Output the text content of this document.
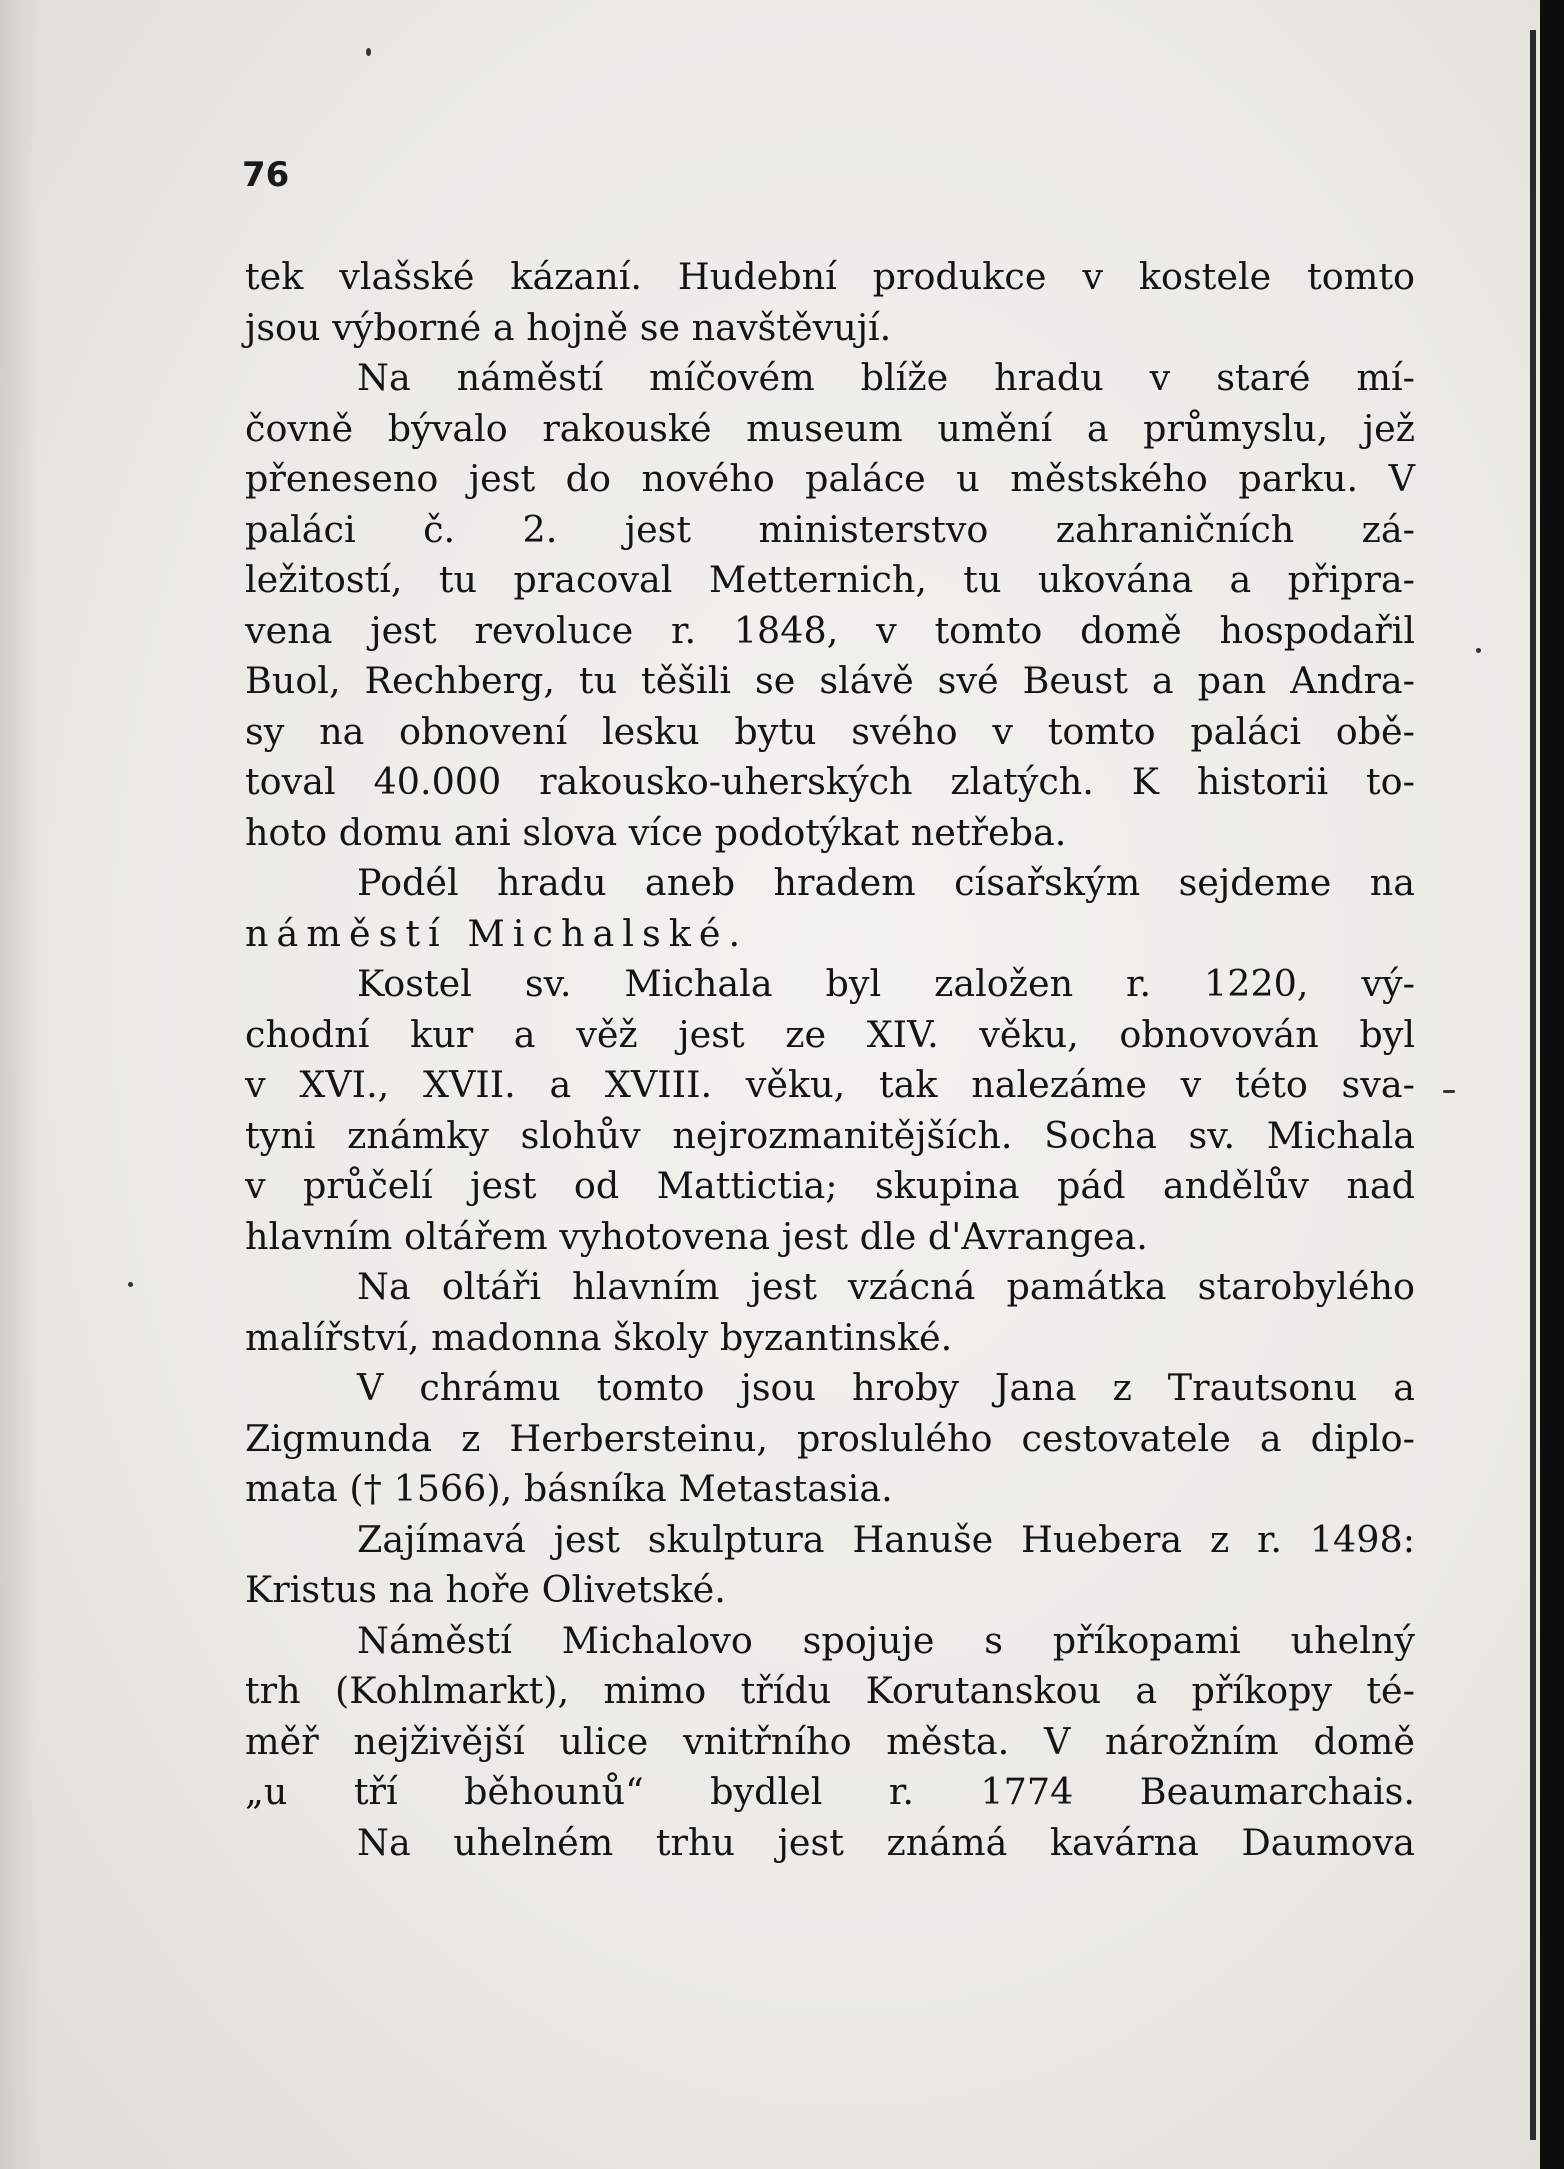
76
tek vlašské kázaní. Hudební produkce v kostele tomto
jsou výborné a hojně se navštěvují.
Na náměstí míčovém blíže hradu v staré mí-
čovně bývalo rakouské museum umění a průmyslu, jež
přeneseno jest do nového paláce u městského parku. V
paláci č. 2. jest ministerstvo zahraničních zá-
ležitostí, tu pracoval Metternich, tu ukována a připra-
vena jest revoluce r. 1848, v tomto domě hospodařil
Buol, Rechberg, tu těšili se slávě své Beust a pan Andra-
sy na obnovení lesku bytu svého v tomto paláci obě-
toval 40.000 rakousko-uherských zlatých. K historii to-
hoto domu ani slova více podotýkat netřeba.
Podél hradu aneb hradem císařským sejdeme na
náměstí Michalské.
Kostel sv. Michala byl založen r. 1220, vý-
chodní kur a věž jest ze XIV. věku, obnovován byl
v XVI., XVII. a XVIII. věku, tak nalezáme v této sva-
tyni známky slohův nejrozmanitějších. Socha sv. Michala
v průčelí jest od Mattictia; skupina pád andělův nad
hlavním oltářem vyhotovena jest dle d'Avrangea.
Na oltáři hlavním jest vzácná památka starobylého
malířství, madonna školy byzantinské.
V chrámu tomto jsou hroby Jana z Trautsonu a
Zigmunda z Herbersteinu, proslulého cestovatele a diplo-
mata († 1566), básníka Metastasia.
Zajímavá jest skulptura Hanuše Huebera z r. 1498:
Kristus na hoře Olivetské.
Náměstí Michalovo spojuje s příkopami uhelný
trh (Kohlmarkt), mimo třídu Korutanskou a příkopy té-
měř nejživější ulice vnitřního města. V nárožním domě
„u tří běhounů“ bydlel r. 1774 Beaumarchais.
Na uhelném trhu jest známá kavárna Daumova
